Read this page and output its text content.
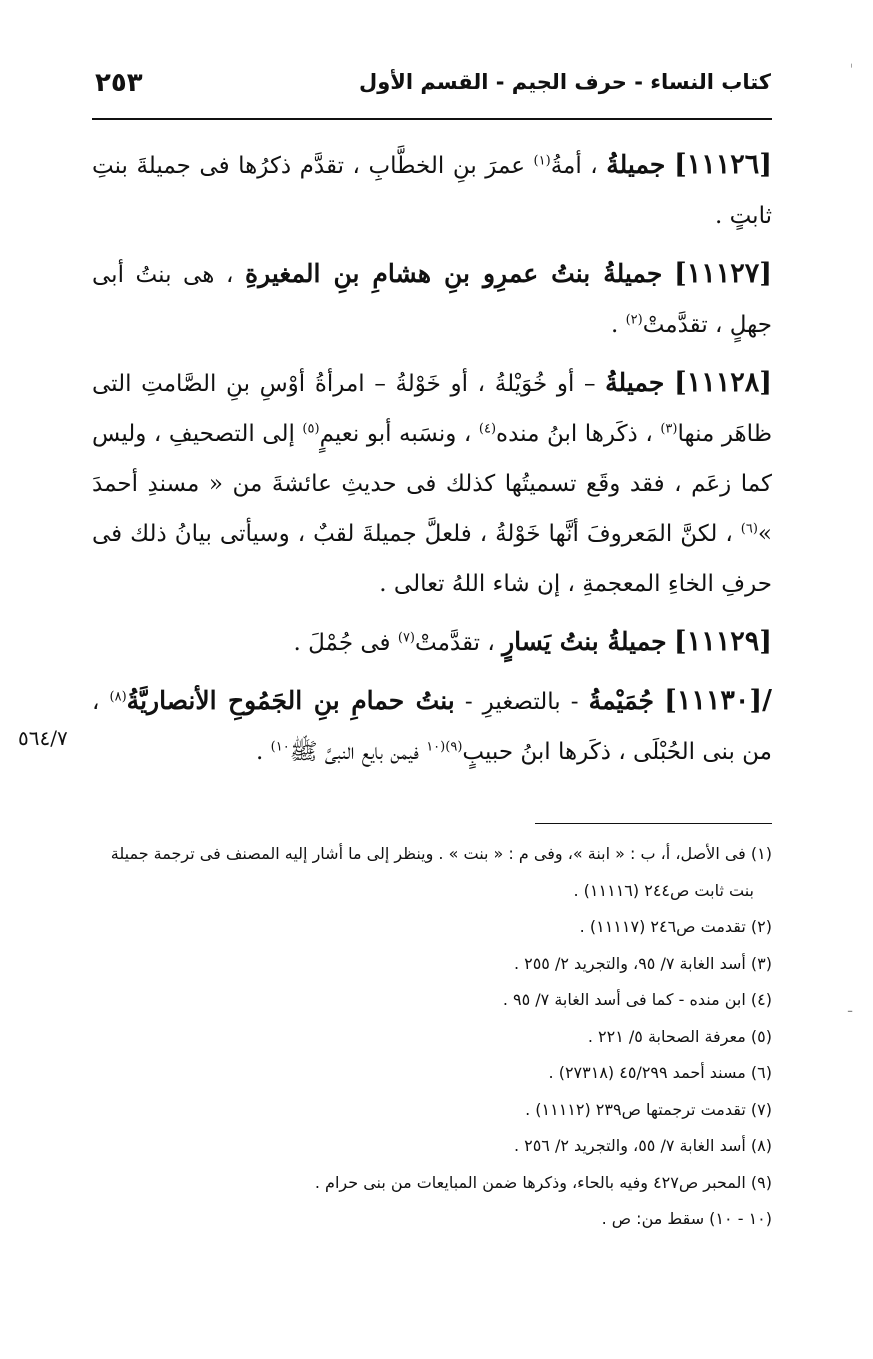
٢٥٣	كتاب النساء - حرف الجيم - القسم الأول

[١١١٢٦] جميلةُ ، أمةُ$^{(١)}$ عمرَ بنِ الخطَّابِ ، تقدَّم ذكرُها فى جميلةَ بنتِ ثابتٍ .

[١١١٢٧] جميلةُ بنتُ عمرِو بنِ هشامِ بنِ المغيرةِ ، هى بنتُ أبى جهلٍ ، تقدَّمتْ$^{(٢)}$ .

[١١١٢٨] جميلةُ – أو خُوَيْلةُ ، أو خَوْلةُ – امرأةُ أوْسِ بنِ الصَّامتِ التى ظاهَر منها$^{(٣)}$ ، ذكَرها ابنُ منده$^{(٤)}$ ، ونسَبه أبو نعيمٍ$^{(٥)}$ إلى التصحيفِ ، وليس كما زعَم ، فقد وقَع تسميتُها كذلك فى حديثِ عائشةَ من « مسندِ أحمدَ »$^{(٦)}$ ، لكنَّ المَعروفَ أنَّها خَوْلةُ ، فلعلَّ جميلةَ لقبٌ ، وسيأتى بيانُ ذلك فى حرفِ الخاءِ المعجمةِ ، إن شاء اللهُ تعالى .

[١١١٢٩] جميلةُ بنتُ يَسارٍ ، تقدَّمتْ$^{(٧)}$ فى جُمْلَ .

/[١١١٣٠] جُمَيْمةُ - بالتصغيرِ - بنتُ حمامِ بنِ الجَمُوحِ الأنصاريَّةُ$^{(٨)}$ ، من بنى الحُبْلَى ، ذكَرها ابنُ حبيبٍ$^{(٩)(١٠}$ فيمن بايع النبىَّ ﷺ$^{١٠)}$ .

٥٦٤/٧

(١) فى الأصل، أ، ب : « ابنة »، وفى م : « بنت » . وينظر إلى ما أشار إليه المصنف فى ترجمة جميلة

بنت ثابت ص٢٤٤ (١١١١٦) .

(٢) تقدمت ص٢٤٦ (١١١١٧) .

(٣) أسد الغابة ٧/ ٩٥، والتجريد ٢/ ٢٥٥ .

(٤) ابن منده - كما فى أسد الغابة ٧/ ٩٥ .

(٥) معرفة الصحابة ٥/ ٢٢١ .

(٦) مسند أحمد ٤٥/٢٩٩ (٢٧٣١٨) .

(٧) تقدمت ترجمتها ص٢٣٩ (١١١١٢) .

(٨) أسد الغابة ٧/ ٥٥، والتجريد ٢/ ٢٥٦ .

(٩) المحبر ص٤٢٧ وفيه بالحاء، وذكرها ضمن المبايعات من بنى حرام .

(١٠ - ١٠) سقط من: ص .

ـ
